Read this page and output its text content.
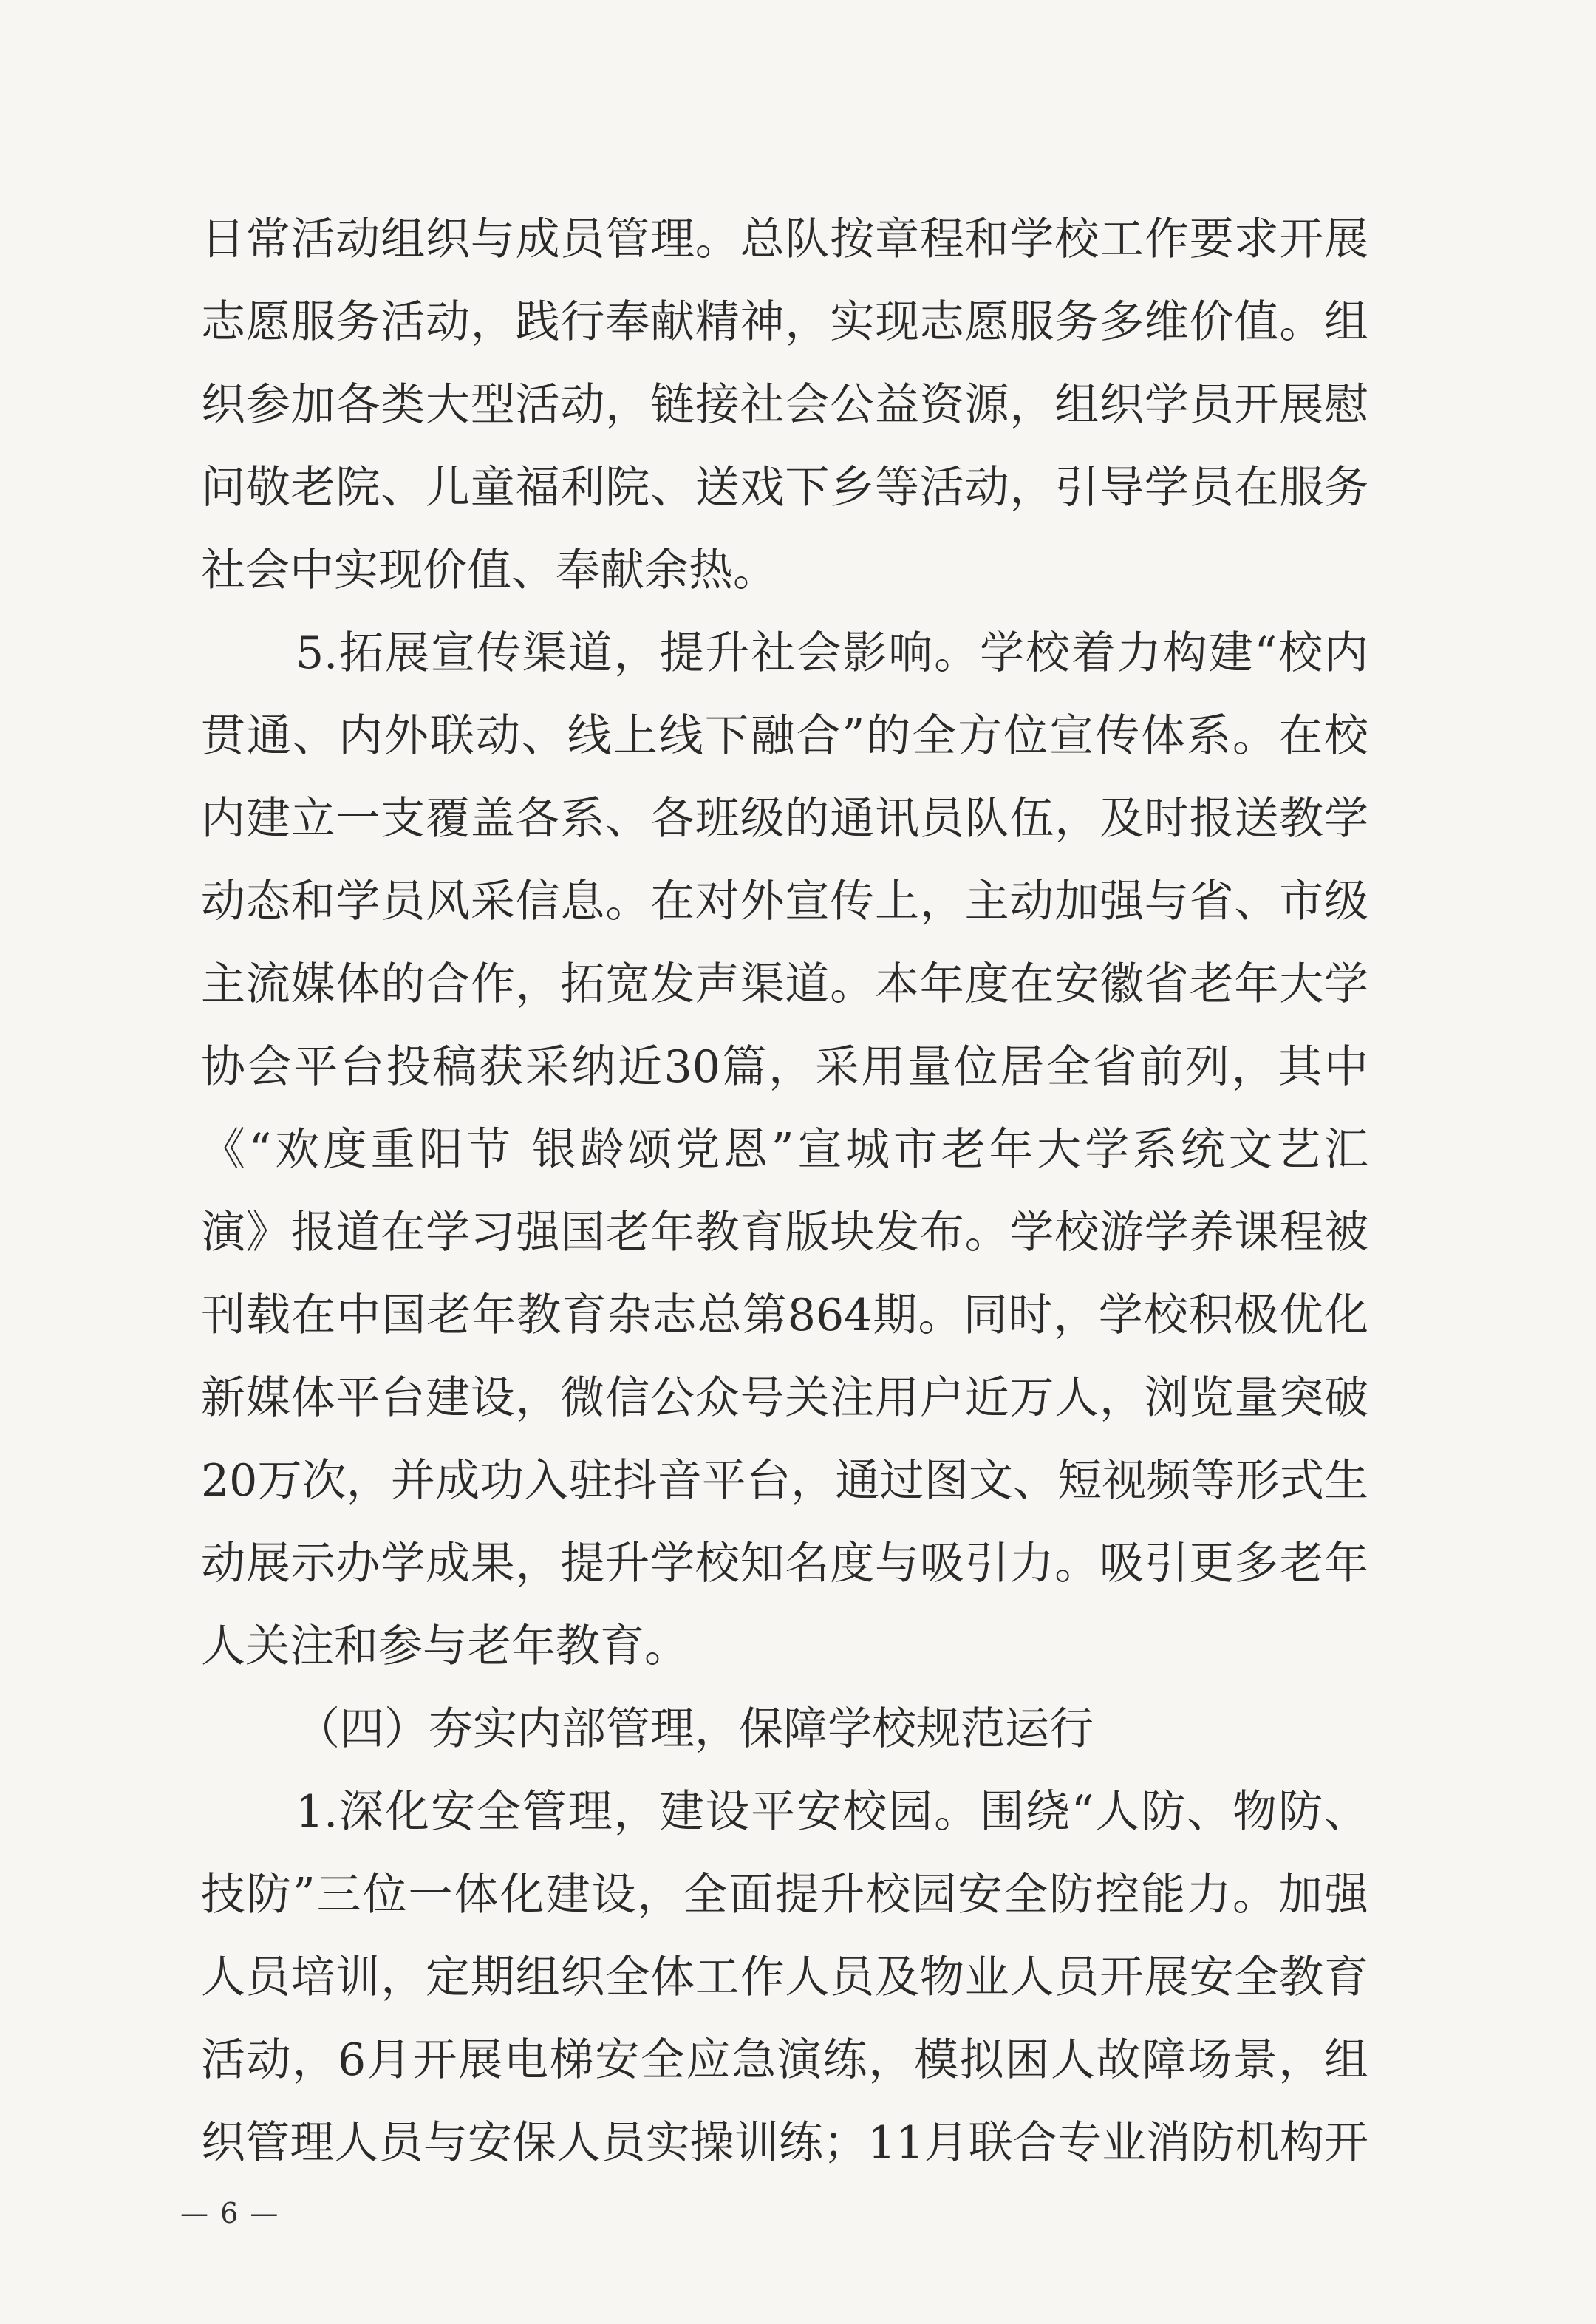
日常活动组织与成员管理。总队按章程和学校工作要求开展
志愿服务活动，践行奉献精神，实现志愿服务多维价值。组
织参加各类大型活动，链接社会公益资源，组织学员开展慰
问敬老院、儿童福利院、送戏下乡等活动，引导学员在服务
社会中实现价值、奉献余热。
5.拓展宣传渠道，提升社会影响。学校着力构建“校内
贯通、内外联动、线上线下融合”的全方位宣传体系。在校
内建立一支覆盖各系、各班级的通讯员队伍，及时报送教学
动态和学员风采信息。在对外宣传上，主动加强与省、市级
主流媒体的合作，拓宽发声渠道。本年度在安徽省老年大学
协会平台投稿获采纳近30篇，采用量位居全省前列，其中
《“欢度重阳节 银龄颂党恩”宣城市老年大学系统文艺汇
演》报道在学习强国老年教育版块发布。学校游学养课程被
刊载在中国老年教育杂志总第864期。同时，学校积极优化
新媒体平台建设，微信公众号关注用户近万人，浏览量突破
20万次，并成功入驻抖音平台，通过图文、短视频等形式生
动展示办学成果，提升学校知名度与吸引力。吸引更多老年
人关注和参与老年教育。
（四）夯实内部管理，保障学校规范运行
1.深化安全管理，建设平安校园。围绕“人防、物防、
技防”三位一体化建设，全面提升校园安全防控能力。加强
人员培训，定期组织全体工作人员及物业人员开展安全教育
活动，6月开展电梯安全应急演练，模拟困人故障场景，组
织管理人员与安保人员实操训练；11月联合专业消防机构开
— 6 —
